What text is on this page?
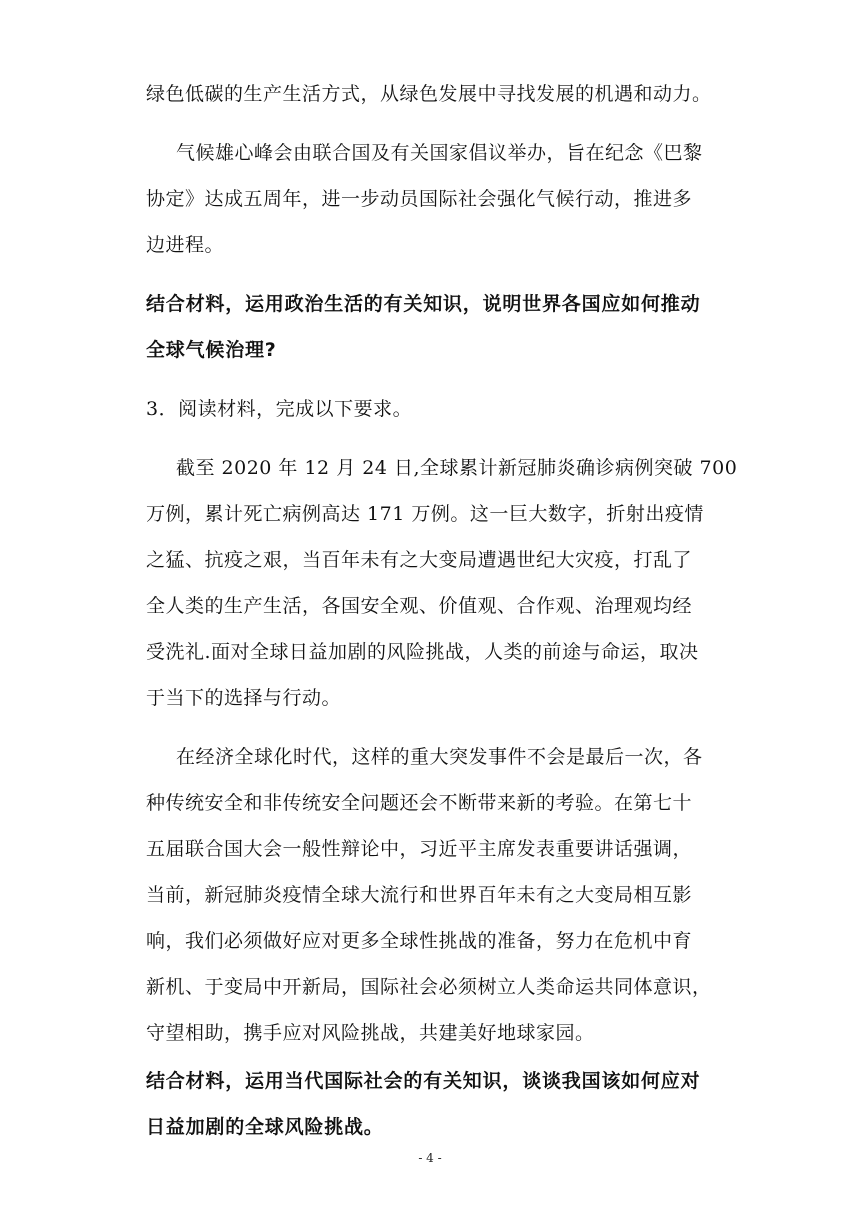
绿色低碳的生产生活方式，从绿色发展中寻找发展的机遇和动力。
气候雄心峰会由联合国及有关国家倡议举办，旨在纪念《巴黎
协定》达成五周年，进一步动员国际社会强化气候行动，推进多
边进程。
结合材料，运用政治生活的有关知识，说明世界各国应如何推动
全球气候治理?
3．阅读材料，完成以下要求。
截至 2020 年 12 月 24 日,全球累计新冠肺炎确诊病例突破 700
万例，累计死亡病例高达 171 万例。这一巨大数字，折射出疫情
之猛、抗疫之艰，当百年未有之大变局遭遇世纪大灾疫，打乱了
全人类的生产生活，各国安全观、价值观、合作观、治理观均经
受洗礼.面对全球日益加剧的风险挑战，人类的前途与命运，取决
于当下的选择与行动。
在经济全球化时代，这样的重大突发事件不会是最后一次，各
种传统安全和非传统安全问题还会不断带来新的考验。在第七十
五届联合国大会一般性辩论中，习近平主席发表重要讲话强调，
当前，新冠肺炎疫情全球大流行和世界百年未有之大变局相互影
响，我们必须做好应对更多全球性挑战的准备，努力在危机中育
新机、于变局中开新局，国际社会必须树立人类命运共同体意识，
守望相助，携手应对风险挑战，共建美好地球家园。
结合材料，运用当代国际社会的有关知识，谈谈我国该如何应对
日益加剧的全球风险挑战。
- 4 -
